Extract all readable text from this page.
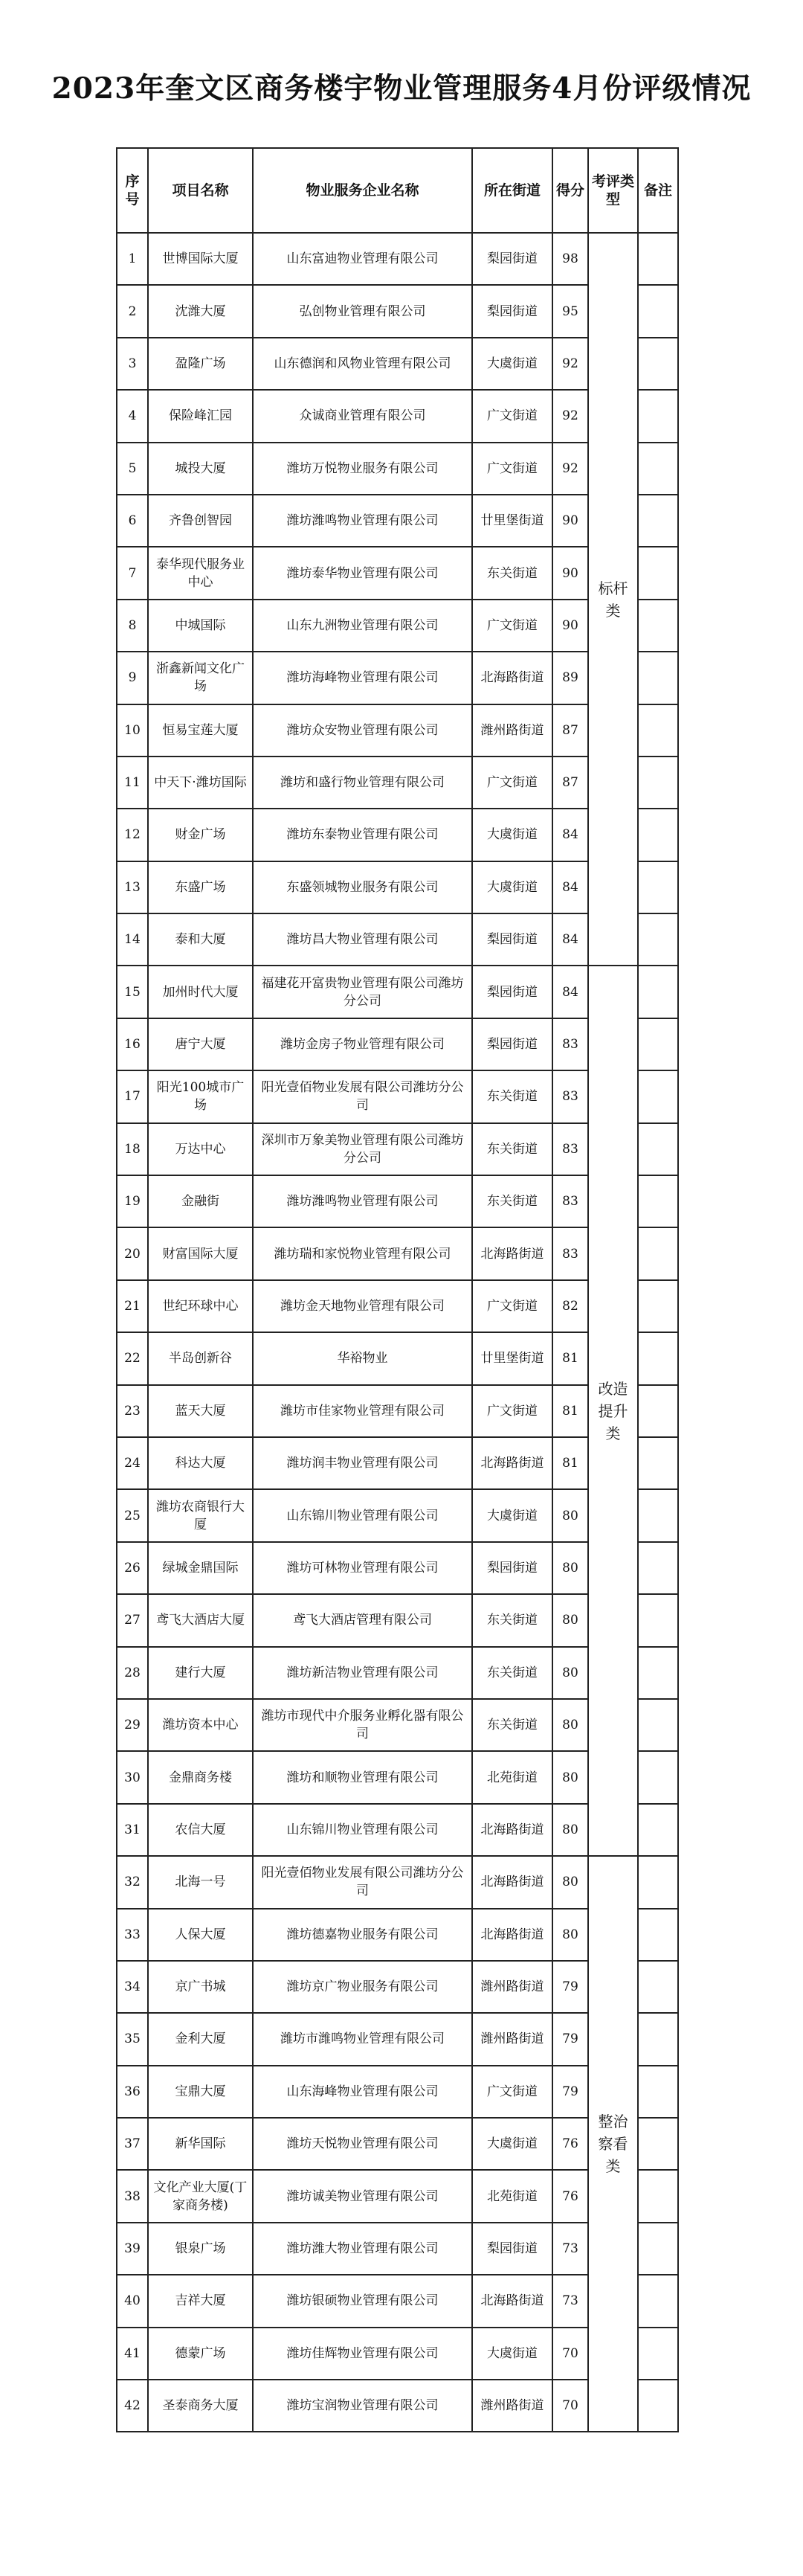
2023年奎文区商务楼宇物业管理服务4月份评级情况
序号	项目名称	物业服务企业名称	所在街道	得分	考评类型	备注
1	世博国际大厦	山东富迪物业管理有限公司	梨园街道	98	标杆类	
2	沈潍大厦	弘创物业管理有限公司	梨园街道	95		
3	盈隆广场	山东德润和风物业管理有限公司	大虞街道	92		
4	保险峰汇园	众诚商业管理有限公司	广文街道	92		
5	城投大厦	潍坊万悦物业服务有限公司	广文街道	92		
6	齐鲁创智园	潍坊潍鸣物业管理有限公司	廿里堡街道	90		
7	泰华现代服务业中心	潍坊泰华物业管理有限公司	东关街道	90		
8	中城国际	山东九洲物业管理有限公司	广文街道	90		
9	浙鑫新闻文化广场	潍坊海峰物业管理有限公司	北海路街道	89		
10	恒易宝莲大厦	潍坊众安物业管理有限公司	潍州路街道	87		
11	中天下·潍坊国际	潍坊和盛行物业管理有限公司	广文街道	87		
12	财金广场	潍坊东泰物业管理有限公司	大虞街道	84		
13	东盛广场	东盛领城物业服务有限公司	大虞街道	84		
14	泰和大厦	潍坊昌大物业管理有限公司	梨园街道	84		
15	加州时代大厦	福建花开富贵物业管理有限公司潍坊分公司	梨园街道	84	改造提升类	
16	唐宁大厦	潍坊金房子物业管理有限公司	梨园街道	83		
17	阳光100城市广场	阳光壹佰物业发展有限公司潍坊分公司	东关街道	83		
18	万达中心	深圳市万象美物业管理有限公司潍坊分公司	东关街道	83		
19	金融街	潍坊潍鸣物业管理有限公司	东关街道	83		
20	财富国际大厦	潍坊瑞和家悦物业管理有限公司	北海路街道	83		
21	世纪环球中心	潍坊金天地物业管理有限公司	广文街道	82		
22	半岛创新谷	华裕物业	廿里堡街道	81		
23	蓝天大厦	潍坊市佳家物业管理有限公司	广文街道	81		
24	科达大厦	潍坊润丰物业管理有限公司	北海路街道	81		
25	潍坊农商银行大厦	山东锦川物业管理有限公司	大虞街道	80		
26	绿城金鼎国际	潍坊可林物业管理有限公司	梨园街道	80		
27	鸢飞大酒店大厦	鸢飞大酒店管理有限公司	东关街道	80		
28	建行大厦	潍坊新洁物业管理有限公司	东关街道	80		
29	潍坊资本中心	潍坊市现代中介服务业孵化器有限公司	东关街道	80		
30	金鼎商务楼	潍坊和顺物业管理有限公司	北苑街道	80		
31	农信大厦	山东锦川物业管理有限公司	北海路街道	80		
32	北海一号	阳光壹佰物业发展有限公司潍坊分公司	北海路街道	80	整治察看类	
33	人保大厦	潍坊德嘉物业服务有限公司	北海路街道	80		
34	京广书城	潍坊京广物业服务有限公司	潍州路街道	79		
35	金利大厦	潍坊市潍鸣物业管理有限公司	潍州路街道	79		
36	宝鼎大厦	山东海峰物业管理有限公司	广文街道	79		
37	新华国际	潍坊天悦物业管理有限公司	大虞街道	76		
38	文化产业大厦(丁家商务楼)	潍坊诚美物业管理有限公司	北苑街道	76		
39	银泉广场	潍坊潍大物业管理有限公司	梨园街道	73		
40	吉祥大厦	潍坊银硕物业管理有限公司	北海路街道	73		
41	德蒙广场	潍坊佳辉物业管理有限公司	大虞街道	70		
42	圣泰商务大厦	潍坊宝润物业管理有限公司	潍州路街道	70		
